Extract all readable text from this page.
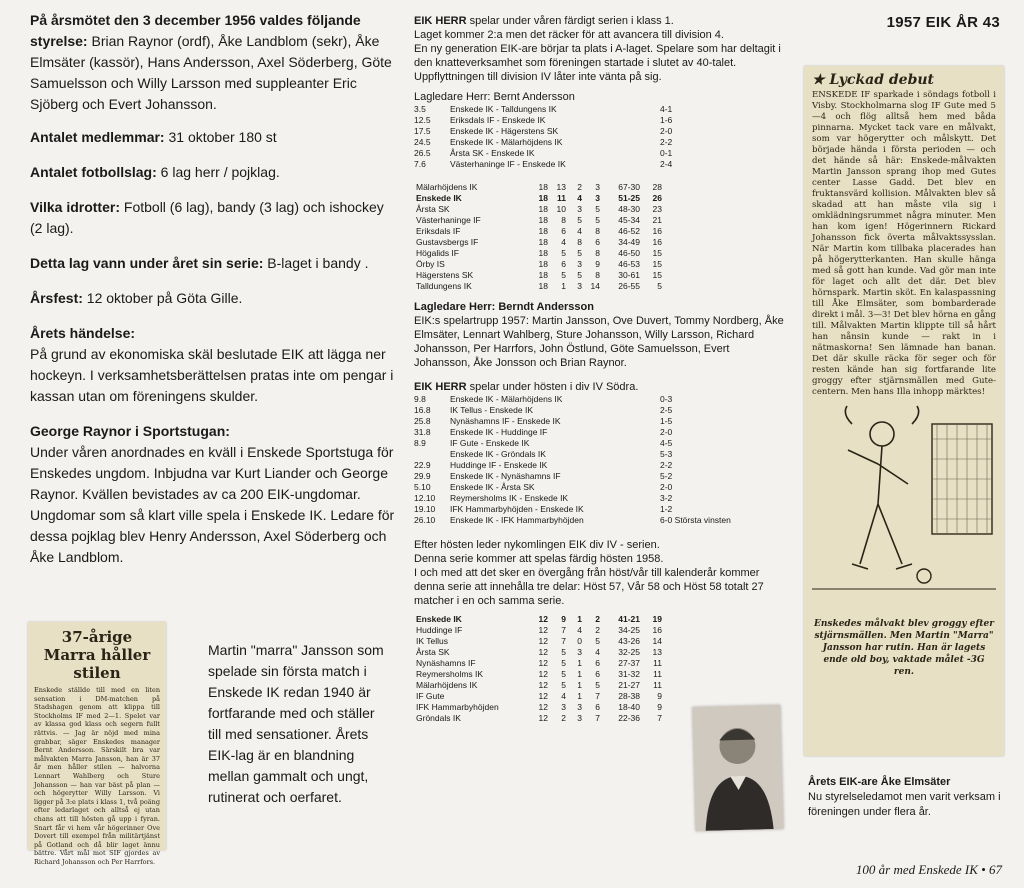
1957 EIK ÅR 43

På årsmötet den 3 december 1956 valdes följande styrelse: Brian Raynor (ordf), Åke Landblom (sekr), Åke Elmsäter (kassör), Hans Andersson, Axel Söderberg, Göte Samuelsson och Willy Larsson med suppleanter Eric Sjöberg och Evert Johansson.

Antalet medlemmar: 31 oktober 180 st

Antalet fotbollslag: 6 lag herr / pojklag.

Vilka idrotter: Fotboll (6 lag), bandy (3 lag) och ishockey (2 lag).

Detta lag vann under året sin serie: B-laget i bandy .

Årsfest: 12 oktober på Göta Gille.

Årets händelse:

På grund av ekonomiska skäl beslutade EIK att lägga ner hockeyn. I verksamhetsberättelsen pratas inte om pengar i kassan utan om föreningens skulder.

George Raynor i Sportstugan:

Under våren anordnades en kväll i Enskede Sportstuga för Enskedes ungdom. Inbjudna var Kurt Liander och George Raynor. Kvällen bevistades av ca 200 EIK-ungdomar. Ungdomar som så klart ville spela i Enskede IK. Ledare för dessa pojklag blev Henry Andersson, Axel Söderberg och Åke Landblom.

37-årige Marra håller stilen
Enskede ställde till med en liten sensation i DM-matchen på Stadshagen genom att klippa till Stockholms IF med 2—1. Spelet var av klassa god klass och segern fullt rättvis. — Jag är nöjd med mina grabbar, säger Enskedes manager Bernt Andersson. Särskilt bra var målvakten Marra Jansson, han är 37 år men håller stilen — halvorna Lennart Wahlberg och Sture Johansson — han var bäst på plan — och högerytter Willy Larsson. Vi ligger på 3:e plats i klass 1, två poäng efter ledarlaget och alltså ej utan chans att till hösten gå upp i fyran. Snart får vi hem vår högerinner Ove Dovert till exempel från militärtjänst på Gotland och då blir laget ännu bättre. Vårt mål mot SIF gjordes av Richard Johansson och Per Harrfors.
Martin "marra" Jansson som spelade sin första match i Enskede IK redan 1940 är fortfarande med och ställer till med sensationer. Årets EIK-lag är en blandning mellan gammalt och ungt, rutinerat och oerfaret.

EIK HERR spelar under våren färdigt serien i klass 1.

Laget kommer 2:a men det räcker för att avancera till division 4.

En ny generation EIK-are börjar ta plats i A-laget. Spelare som har deltagit i den knatteverksamhet som föreningen startade i slutet av 40-talet. Uppflyttningen till division IV låter inte vänta på sig.

Lagledare Herr: Bernt Andersson

3.5	Enskede IK - Talldungens IK	4-1
12.5	Eriksdals IF - Enskede IK	1-6
17.5	Enskede IK - Hägerstens SK	2-0
24.5	Enskede IK - Mälarhöjdens IK	2-2
26.5	Årsta SK - Enskede IK	0-1
7.6	Västerhaninge IF - Enskede IK	2-4
Mälarhöjdens IK	18	13	2	3	67-30	28
Enskede IK	18	11	4	3	51-25	26
Årsta SK	18	10	3	5	48-30	23
Västerhaninge IF	18	8	5	5	45-34	21
Eriksdals IF	18	6	4	8	46-52	16
Gustavsbergs IF	18	4	8	6	34-49	16
Högalids IF	18	5	5	8	46-50	15
Örby IS	18	6	3	9	46-53	15
Hägerstens SK	18	5	5	8	30-61	15
Talldungens IK	18	1	3	14	26-55	5

Lagledare Herr: Berndt Andersson

EIK:s spelartrupp 1957: Martin Jansson, Ove Duvert, Tommy Nordberg, Åke Elmsäter, Lennart Wahlberg, Sture Johansson, Willy Larsson, Richard Johansson, Per Harrfors, John Östlund, Göte Samuelsson, Evert Johansson, Åke Jonsson och Brian Raynor.

EIK HERR spelar under hösten i div IV Södra.

9.8	Enskede IK - Mälarhöjdens IK	0-3
16.8	IK Tellus - Enskede IK	2-5
25.8	Nynäshamns IF - Enskede IK	1-5
31.8	Enskede IK - Huddinge IF	2-0
8.9	IF Gute - Enskede IK	4-5
	Enskede IK - Gröndals IK	5-3
22.9	Huddinge IF - Enskede IK	2-2
29.9	Enskede IK - Nynäshamns IF	5-2
5.10	Enskede IK - Årsta SK	2-0
12.10	Reymersholms IK - Enskede IK	3-2
19.10	IFK Hammarbyhöjden - Enskede IK	1-2
26.10	Enskede IK - IFK Hammarbyhöjden	6-0 Största vinsten

Efter hösten leder nykomlingen EIK div IV - serien.

Denna serie kommer att spelas färdig hösten 1958.

I och med att det sker en övergång från höst/vår till kalenderår kommer denna serie att innehålla tre delar: Höst 57, Vår 58 och Höst 58 totalt 27 matcher i en och samma serie.

Enskede IK	12	9	1	2	41-21	19
Huddinge IF	12	7	4	2	34-25	16
IK Tellus	12	7	0	5	43-26	14
Årsta SK	12	5	3	4	32-25	13
Nynäshamns IF	12	5	1	6	27-37	11
Reymersholms IK	12	5	1	6	31-32	11
Mälarhöjdens IK	12	5	1	5	21-27	11
IF Gute	12	4	1	7	28-38	9
IFK Hammarbyhöjden	12	3	3	6	18-40	9
Gröndals IK	12	2	3	7	22-36	7
★ Lyckad debut
ENSKEDE IF sparkade i söndags fotboll i Visby. Stockholmarna slog IF Gute med 5—4 och flög alltså hem med båda pinnarna. Mycket tack vare en målvakt, som var högerytter och målskytt. Det började hända i första perioden — och det hände så här: Enskede-målvakten Martin Jansson sprang ihop med Gutes center Lasse Gadd. Det blev en fruktansvärd kollision. Målvakten blev så skadad att han måste vila sig i omklädningsrummet några minuter. Men han kom igen! Högerinnern Rickard Johansson fick överta målvaktssysslan. När Martin kom tillbaka placerades han på högerytterkanten. Han skulle hänga med så gott han kunde. Vad gör man inte för laget och allt det där. Det blev hörnspark. Martin sköt. En kalaspassning till Åke Elmsäter, som bombarderade direkt i mål. 3—3! Det blev hörna en gång till. Målvakten Martin klippte till så hårt han nånsin kunde — rakt in i nätmaskorna! Sen lämnade han banan. Det där skulle räcka för seger och för resten kände han sig fortfarande lite groggy efter stjärnsmällen med Gute-centern. Men hans Illa inhopp märktes!
Enskedes målvakt blev groggy efter stjärnsmällen. Men Martin "Marra" Jansson har rutin. Han är lagets ende old boy, vaktade målet -3G ren.
Årets EIK-are Åke Elmsäter
Nu styrelseledamot men varit verksam i föreningen under flera år.
100 år med Enskede IK • 67
